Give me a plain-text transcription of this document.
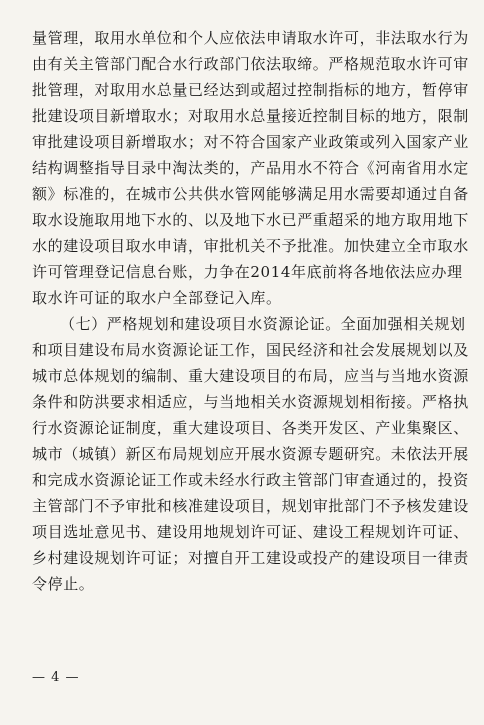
量管理，取用水单位和个人应依法申请取水许可，非法取水行为
由有关主管部门配合水行政部门依法取缔。严格规范取水许可审
批管理，对取用水总量已经达到或超过控制指标的地方，暂停审
批建设项目新增取水；对取用水总量接近控制目标的地方，限制
审批建设项目新增取水；对不符合国家产业政策或列入国家产业
结构调整指导目录中淘汰类的，产品用水不符合《河南省用水定
额》标准的，在城市公共供水管网能够满足用水需要却通过自备
取水设施取用地下水的、以及地下水已严重超采的地方取用地下
水的建设项目取水申请，审批机关不予批准。加快建立全市取水
许可管理登记信息台账，力争在2014年底前将各地依法应办理
取水许可证的取水户全部登记入库。
（七）严格规划和建设项目水资源论证。全面加强相关规划
和项目建设布局水资源论证工作，国民经济和社会发展规划以及
城市总体规划的编制、重大建设项目的布局，应当与当地水资源
条件和防洪要求相适应，与当地相关水资源规划相衔接。严格执
行水资源论证制度，重大建设项目、各类开发区、产业集聚区、
城市（城镇）新区布局规划应开展水资源专题研究。未依法开展
和完成水资源论证工作或未经水行政主管部门审查通过的，投资
主管部门不予审批和核准建设项目，规划审批部门不予核发建设
项目选址意见书、建设用地规划许可证、建设工程规划许可证、
乡村建设规划许可证；对擅自开工建设或投产的建设项目一律责
令停止。
— 4 —
